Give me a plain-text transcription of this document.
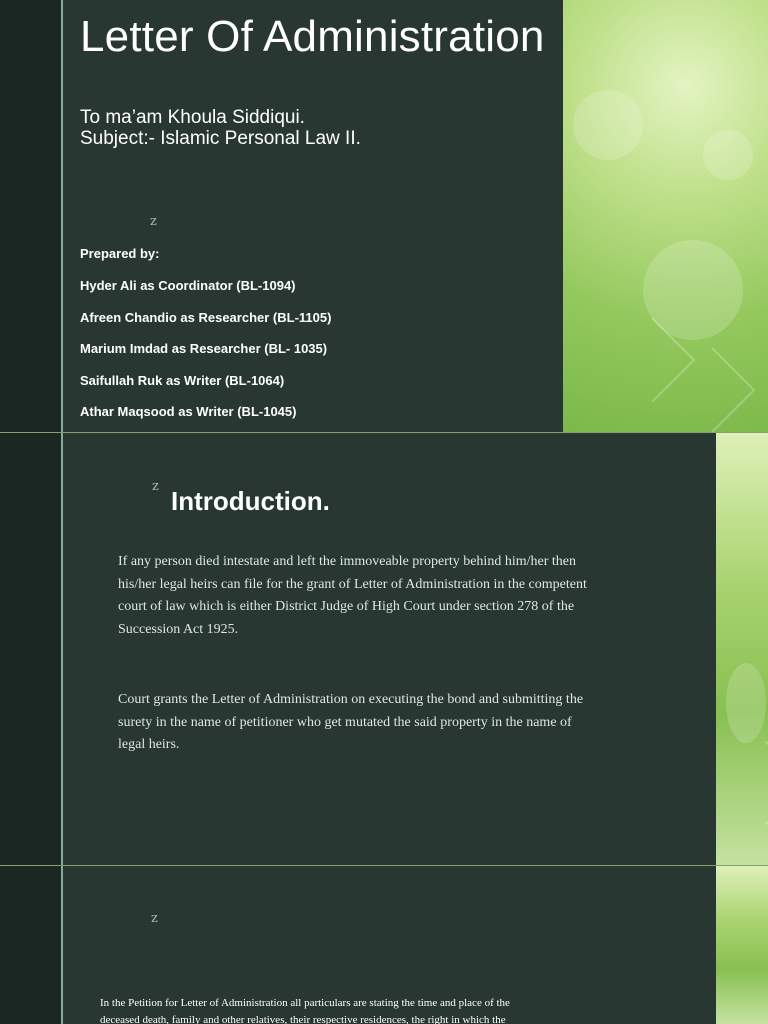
Letter Of Administration
To ma’am Khoula Siddiqui.
Subject:- Islamic Personal Law II.
z
Prepared by:
Hyder Ali as Coordinator (BL-1094)
Afreen Chandio as Researcher (BL-1105)
Marium Imdad as Researcher (BL- 1035)
Saifullah Ruk as Writer (BL-1064)
Athar Maqsood as Writer (BL-1045)
z Introduction.
If any person died intestate and left the immoveable property behind him/her then his/her legal heirs can file for the grant of Letter of Administration in the competent court of law which is either District Judge of High Court under section 278 of the Succession Act 1925.
Court grants the Letter of Administration on executing the bond and submitting the surety in the name of petitioner who get mutated the said property in the name of legal heirs.
z
In the Petition for Letter of Administration all particulars are stating the time and place of the deceased death, family and other relatives, their respective residences, the right in which the
